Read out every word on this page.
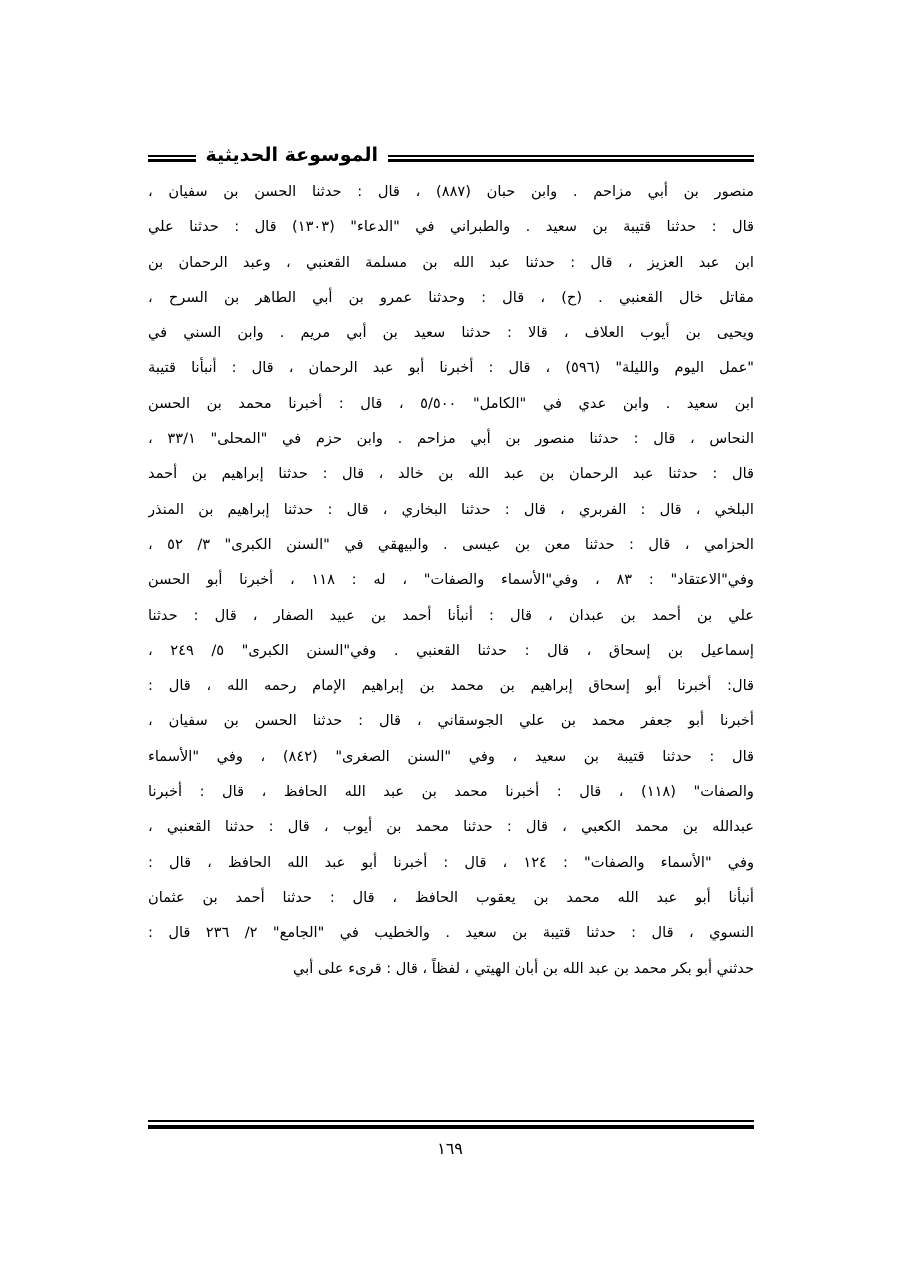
الموسوعة الحديثية
منصور بن أبي مزاحم . وابن حبان (٨٨٧) ، قال : حدثنا الحسن بن سفيان ،
قال : حدثنا قتيبة بن سعيد . والطبراني في "الدعاء" (١٣٠٣) قال : حدثنا علي
ابن عبد العزيز ، قال : حدثنا عبد الله بن مسلمة القعنبي ، وعبد الرحمان بن
مقاتل خال القعنبي . (ح) ، قال : وحدثنا عمرو بن أبي الطاهر بن السرح ،
ويحيى بن أيوب العلاف ، قالا : حدثنا سعيد بن أبي مريم . وابن السني في
"عمل اليوم والليلة" (٥٩٦) ، قال : أخبرنا أبو عبد الرحمان ، قال : أنبأنا قتيبة
ابن سعيد . وابن عدي في "الكامل" ٥/٥٠٠ ، قال : أخبرنا محمد بن الحسن
النحاس ، قال : حدثنا منصور بن أبي مزاحم . وابن حزم في "المحلى" ٣٣/١ ،
قال : حدثنا عبد الرحمان بن عبد الله بن خالد ، قال : حدثنا إبراهيم بن أحمد
البلخي ، قال : الفربري ، قال : حدثنا البخاري ، قال : حدثنا إبراهيم بن المنذر
الحزامي ، قال : حدثنا معن بن عيسى . والبيهقي في "السنن الكبرى" ٣/ ٥٢ ،
وفي"الاعتقاد" : ٨٣ ، وفي"الأسماء والصفات" ، له : ١١٨ ، أخبرنا أبو الحسن
علي بن أحمد بن عبدان ، قال : أنبأنا أحمد بن عبيد الصفار ، قال : حدثنا
إسماعيل بن إسحاق ، قال : حدثنا القعنبي . وفي"السنن الكبرى" ٥/ ٢٤٩ ،
قال: أخبرنا أبو إسحاق إبراهيم بن محمد بن إبراهيم الإمام رحمه الله ، قال :
أخبرنا أبو جعفر محمد بن علي الجوسقاني ، قال : حدثنا الحسن بن سفيان ،
قال : حدثنا قتيبة بن سعيد ، وفي "السنن الصغرى" (٨٤٢) ، وفي "الأسماء
والصفات" (١١٨) ، قال : أخبرنا محمد بن عبد الله الحافظ ، قال : أخبرنا
عبدالله بن محمد الكعبي ، قال : حدثنا محمد بن أيوب ، قال : حدثنا القعنبي ،
وفي "الأسماء والصفات" : ١٢٤ ، قال : أخبرنا أبو عبد الله الحافظ ، قال :
أنبأنا أبو عبد الله محمد بن يعقوب الحافظ ، قال : حدثنا أحمد بن عثمان
النسوي ، قال : حدثنا قتيبة بن سعيد . والخطيب في "الجامع" ٢/ ٢٣٦ قال :
حدثني أبو بكر محمد بن عبد الله بن أبان الهيتي ، لفظاً ، قال : قرىء على أبي
١٦٩
